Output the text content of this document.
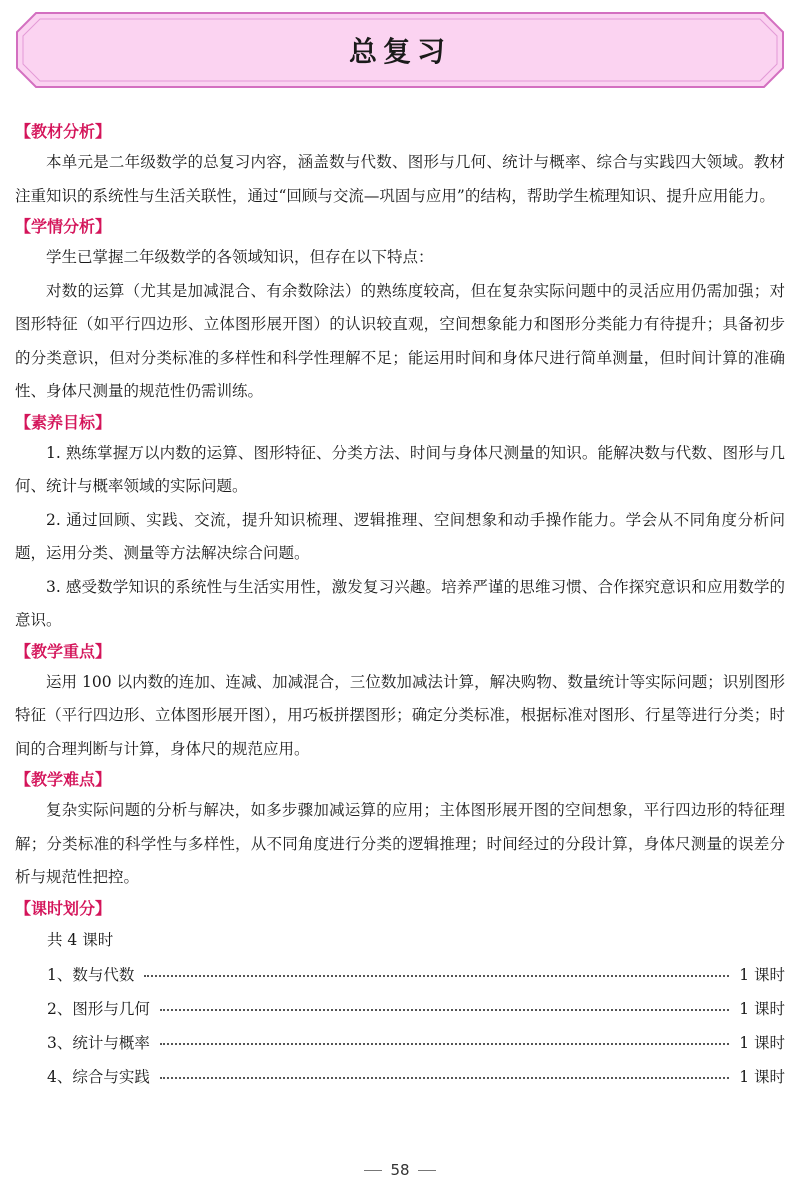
总复习
【教材分析】

本单元是二年级数学的总复习内容，涵盖数与代数、图形与几何、统计与概率、综合与实践四大领域。教材注重知识的系统性与生活关联性，通过“回顾与交流—巩固与应用”的结构，帮助学生梳理知识、提升应用能力。

【学情分析】

学生已掌握二年级数学的各领域知识，但存在以下特点：

对数的运算（尤其是加减混合、有余数除法）的熟练度较高，但在复杂实际问题中的灵活应用仍需加强；对图形特征（如平行四边形、立体图形展开图）的认识较直观，空间想象能力和图形分类能力有待提升；具备初步的分类意识，但对分类标准的多样性和科学性理解不足；能运用时间和身体尺进行简单测量，但时间计算的准确性、身体尺测量的规范性仍需训练。

【素养目标】

1. 熟练掌握万以内数的运算、图形特征、分类方法、时间与身体尺测量的知识。能解决数与代数、图形与几何、统计与概率领域的实际问题。

2. 通过回顾、实践、交流，提升知识梳理、逻辑推理、空间想象和动手操作能力。学会从不同角度分析问题，运用分类、测量等方法解决综合问题。

3. 感受数学知识的系统性与生活实用性，激发复习兴趣。培养严谨的思维习惯、合作探究意识和应用数学的意识。

【教学重点】

运用 100 以内数的连加、连减、加减混合，三位数加减法计算，解决购物、数量统计等实际问题；识别图形特征（平行四边形、立体图形展开图），用巧板拼摆图形；确定分类标准，根据标准对图形、行星等进行分类；时间的合理判断与计算，身体尺的规范应用。

【教学难点】

复杂实际问题的分析与解决，如多步骤加减运算的应用；主体图形展开图的空间想象，平行四边形的特征理解；分类标准的科学性与多样性，从不同角度进行分类的逻辑推理；时间经过的分段计算，身体尺测量的误差分析与规范性把控。

【课时划分】
共 4 课时
1、数与代数	1 课时
2、图形与几何	1 课时
3、统计与概率	1 课时
4、综合与实践	1 课时
58
